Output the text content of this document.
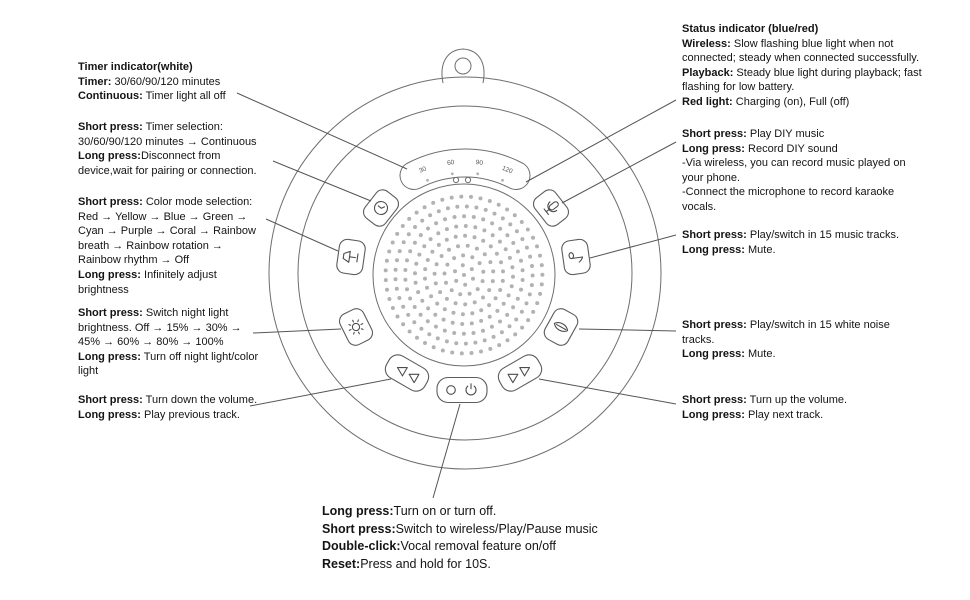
30
60	90
120
Timer indicator(white)
Timer: 30/60/90/120 minutes
Continuous: Timer light all off
Short press: Timer selection:
30/60/90/120 minutes → Continuous
Long press:Disconnect from
device,wait for pairing or connection.
Short press: Color mode selection:
Red → Yellow → Blue → Green →
Cyan → Purple → Coral → Rainbow
breath → Rainbow rotation →
Rainbow rhythm → Off
Long press: Infinitely adjust
brightness
Short press: Switch night light
brightness. Off → 15% → 30% →
45% → 60% → 80% → 100%
Long press: Turn off night light/color
light
Short press: Turn down the volume.
Long press: Play previous track.
Status indicator (blue/red)
Wireless: Slow flashing blue light when not
connected; steady when connected successfully.
Playback: Steady blue light during playback; fast
flashing for low battery.
Red light: Charging (on), Full (off)
Short press: Play DIY music
Long press: Record DIY sound
-Via wireless, you can record music played on
your phone.
-Connect the microphone to record karaoke
vocals.
Short press: Play/switch in 15 music tracks.
Long press: Mute.
Short press: Play/switch in 15 white noise
tracks.
Long press: Mute.
Short press: Turn up the volume.
Long press: Play next track.
Long press:Turn on or turn off.
Short press:Switch to wireless/Play/Pause music
Double-click:Vocal removal feature on/off
Reset:Press and hold for 10S.
